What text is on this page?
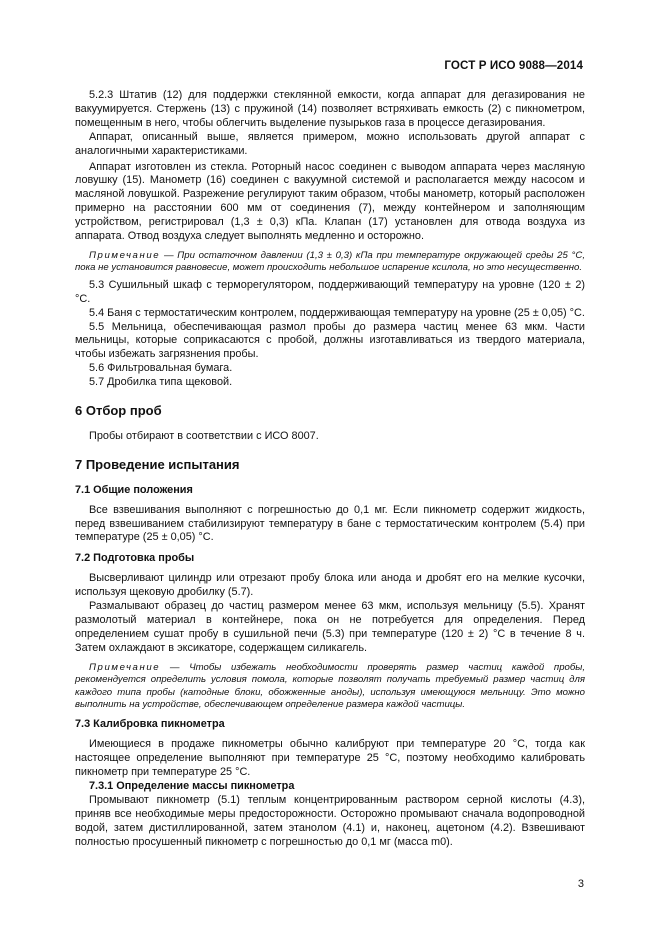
ГОСТ Р ИСО 9088—2014

5.2.3 Штатив (12) для поддержки стеклянной емкости, когда аппарат для дегазирования не вакуумируется. Стержень (13) с пружиной (14) позволяет встряхивать емкость (2) с пикнометром, помещенным в него, чтобы облегчить выделение пузырьков газа в процессе дегазирования.

Аппарат, описанный выше, является примером, можно использовать другой аппарат с аналогичными характеристиками.

Аппарат изготовлен из стекла. Роторный насос соединен с выводом аппарата через масляную ловушку (15). Манометр (16) соединен с вакуумной системой и располагается между насосом и масляной ловушкой. Разрежение регулируют таким образом, чтобы манометр, который расположен примерно на расстоянии 600 мм от соединения (7), между контейнером и заполняющим устройством, регистрировал (1,3 ± 0,3) кПа. Клапан (17) установлен для отвода воздуха из аппарата. Отвод воздуха следует выполнять медленно и осторожно.

Примечание — При остаточном давлении (1,3 ± 0,3) кПа при температуре окружающей среды 25 °С, пока не установится равновесие, может происходить небольшое испарение ксилола, но это несущественно.

5.3 Сушильный шкаф с терморегулятором, поддерживающий температуру на уровне (120 ± 2) °С.

5.4 Баня с термостатическим контролем, поддерживающая температуру на уровне (25 ± 0,05) °С.

5.5 Мельница, обеспечивающая размол пробы до размера частиц менее 63 мкм. Части мельницы, которые соприкасаются с пробой, должны изготавливаться из твердого материала, чтобы избежать загрязнения пробы.

5.6 Фильтровальная бумага.

5.7 Дробилка типа щековой.

6 Отбор проб

Пробы отбирают в соответствии с ИСО 8007.

7 Проведение испытания
7.1 Общие положения

Все взвешивания выполняют с погрешностью до 0,1 мг. Если пикнометр содержит жидкость, перед взвешиванием стабилизируют температуру в бане с термостатическим контролем (5.4) при температуре (25 ± 0,05) °С.

7.2 Подготовка пробы

Высверливают цилиндр или отрезают пробу блока или анода и дробят его на мелкие кусочки, используя щековую дробилку (5.7).

Размалывают образец до частиц размером менее 63 мкм, используя мельницу (5.5). Хранят размолотый материал в контейнере, пока он не потребуется для определения. Перед определением сушат пробу в сушильной печи (5.3) при температуре (120 ± 2) °С в течение 8 ч. Затем охлаждают в эксикаторе, содержащем силикагель.

Примечание — Чтобы избежать необходимости проверять размер частиц каждой пробы, рекомендуется определить условия помола, которые позволят получать требуемый размер частиц для каждого типа пробы (катодные блоки, обожженные аноды), используя имеющуюся мельницу. Это можно выполнить на устройстве, обеспечивающем определение размера каждой частицы.

7.3 Калибровка пикнометра

Имеющиеся в продаже пикнометры обычно калибруют при температуре 20 °С, тогда как настоящее определение выполняют при температуре 25 °С, поэтому необходимо калибровать пикнометр при температуре 25 °С.

7.3.1 Определение массы пикнометра

Промывают пикнометр (5.1) теплым концентрированным раствором серной кислоты (4.3), приняв все необходимые меры предосторожности. Осторожно промывают сначала водопроводной водой, затем дистиллированной, затем этанолом (4.1) и, наконец, ацетоном (4.2). Взвешивают полностью просушенный пикнометр с погрешностью до 0,1 мг (масса m0).

3
